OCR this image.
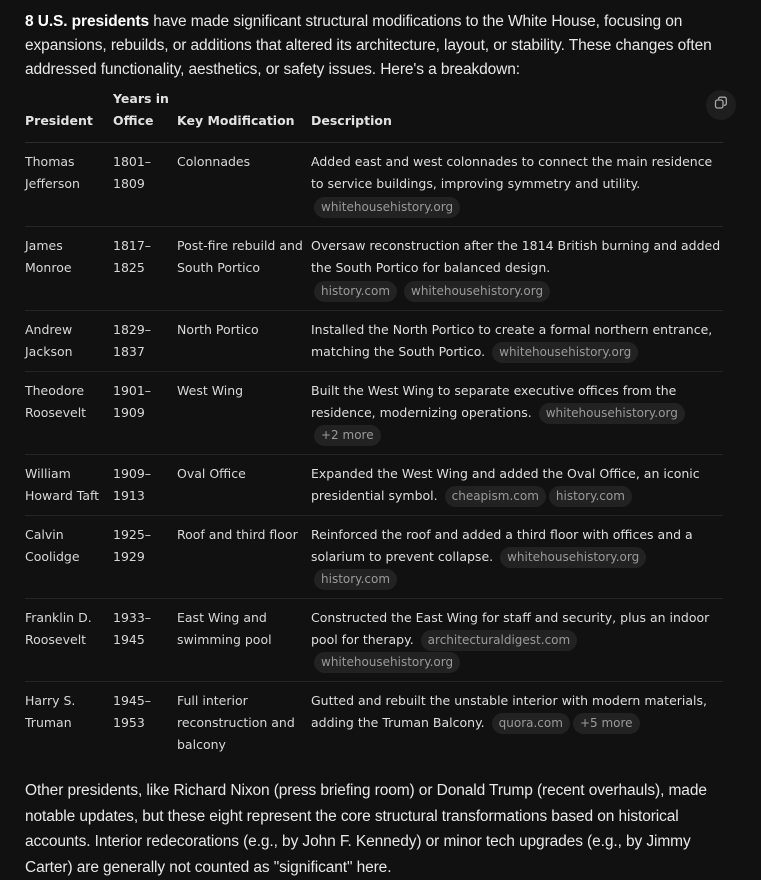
8 U.S. presidents have made significant structural modifications to the White House, focusing on expansions, rebuilds, or additions that altered its architecture, layout, or stability. These changes often addressed functionality, aesthetics, or safety issues. Here's a breakdown:

President	Years in Office	Key Modification	Description
Thomas Jefferson	1801–1809	Colonnades	Added east and west colonnades to connect the main residence to service buildings, improving symmetry and utility.
whitehousehistory.org

James Monroe	1817–1825	Post-fire rebuild and South Portico	Oversaw reconstruction after the 1814 British burning and added the South Portico for balanced design.
history.com whitehousehistory.org

Andrew Jackson	1829–1837	North Portico	Installed the North Portico to create a formal northern entrance, matching the South Portico. whitehousehistory.org
Theodore Roosevelt	1901–1909	West Wing	Built the West Wing to separate executive offices from the residence, modernizing operations. whitehousehistory.org+2 more
William Howard Taft	1909–1913	Oval Office	Expanded the West Wing and added the Oval Office, an iconic presidential symbol. cheapism.com history.com
Calvin Coolidge	1925–1929	Roof and third floor	Reinforced the roof and added a third floor with offices and a solarium to prevent collapse. whitehousehistory.orghistory.com
Franklin D. Roosevelt	1933–1945	East Wing and swimming pool	Constructed the East Wing for staff and security, plus an indoor pool for therapy. architecturaldigest.comwhitehousehistory.org
Harry S. Truman	1945–1953	Full interior reconstruction and balcony	Gutted and rebuilt the unstable interior with modern materials, adding the Truman Balcony. quora.com +5 more

Other presidents, like Richard Nixon (press briefing room) or Donald Trump (recent overhauls), made notable updates, but these eight represent the core structural transformations based on historical accounts. Interior redecorations (e.g., by John F. Kennedy) or minor tech upgrades (e.g., by Jimmy Carter) are generally not counted as "significant" here.
